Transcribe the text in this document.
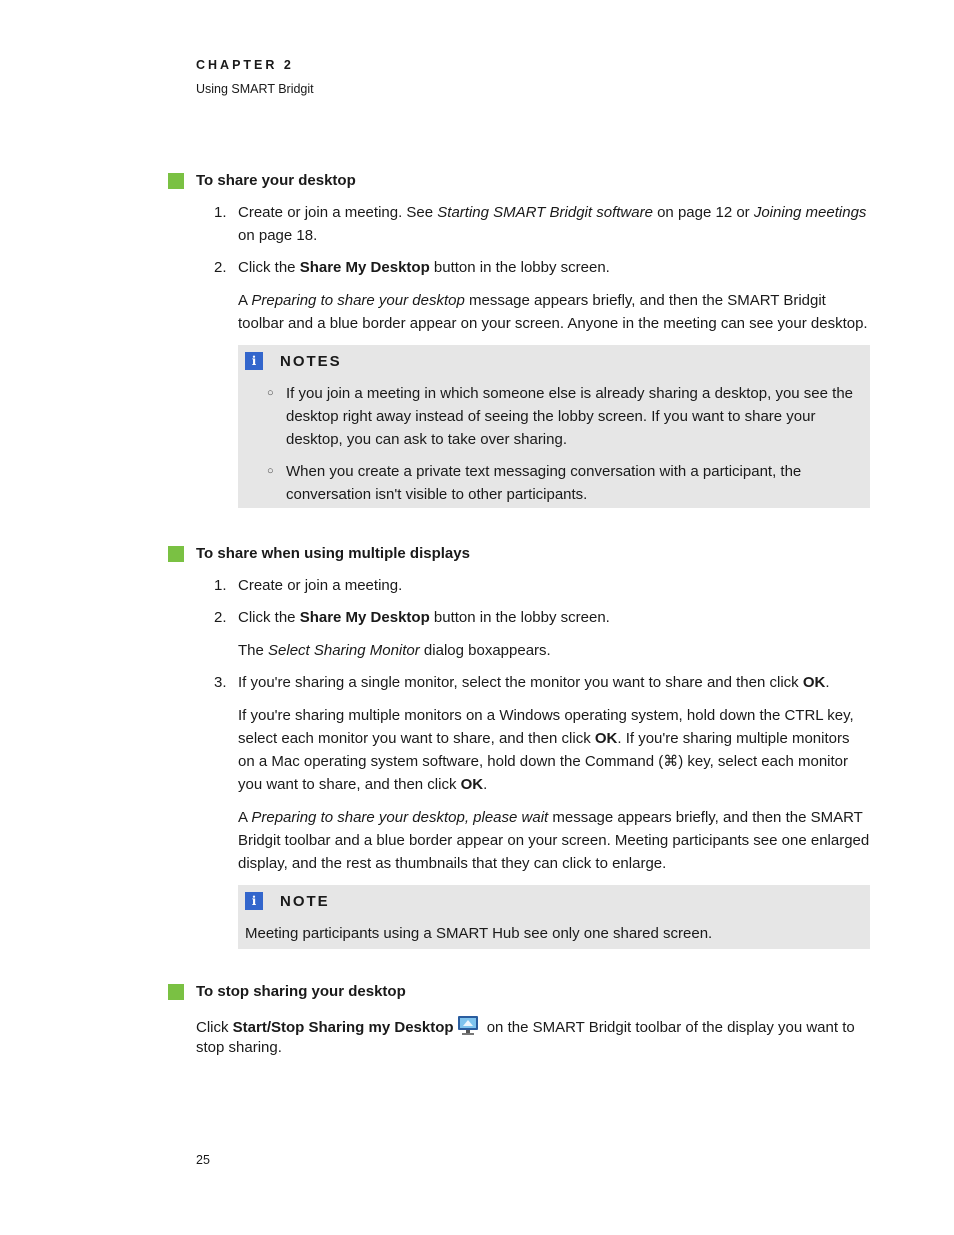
CHAPTER 2
Using SMART Bridgit
To share your desktop
1. Create or join a meeting. See Starting SMART Bridgit software on page 12 or Joining meetings on page 18.
2. Click the Share My Desktop button in the lobby screen.
A Preparing to share your desktop message appears briefly, and then the SMART Bridgit toolbar and a blue border appear on your screen. Anyone in the meeting can see your desktop.
i	NOTES
○ If you join a meeting in which someone else is already sharing a desktop, you see the desktop right away instead of seeing the lobby screen. If you want to share your desktop, you can ask to take over sharing.
○ When you create a private text messaging conversation with a participant, the conversation isn't visible to other participants.
To share when using multiple displays
1. Create or join a meeting.
2. Click the Share My Desktop button in the lobby screen.
The Select Sharing Monitor dialog boxappears.
3. If you're sharing a single monitor, select the monitor you want to share and then click OK.
If you're sharing multiple monitors on a Windows operating system, hold down the CTRL key, select each monitor you want to share, and then click OK. If you're sharing multiple monitors on a Mac operating system software, hold down the Command (⌘) key, select each monitor you want to share, and then click OK.
A Preparing to share your desktop, please wait message appears briefly, and then the SMART Bridgit toolbar and a blue border appear on your screen. Meeting participants see one enlarged display, and the rest as thumbnails that they can click to enlarge.
i	NOTE
Meeting participants using a SMART Hub see only one shared screen.
To stop sharing your desktop
Click Start/Stop Sharing my Desktop on the SMART Bridgit toolbar of the display you want to stop sharing.
25
